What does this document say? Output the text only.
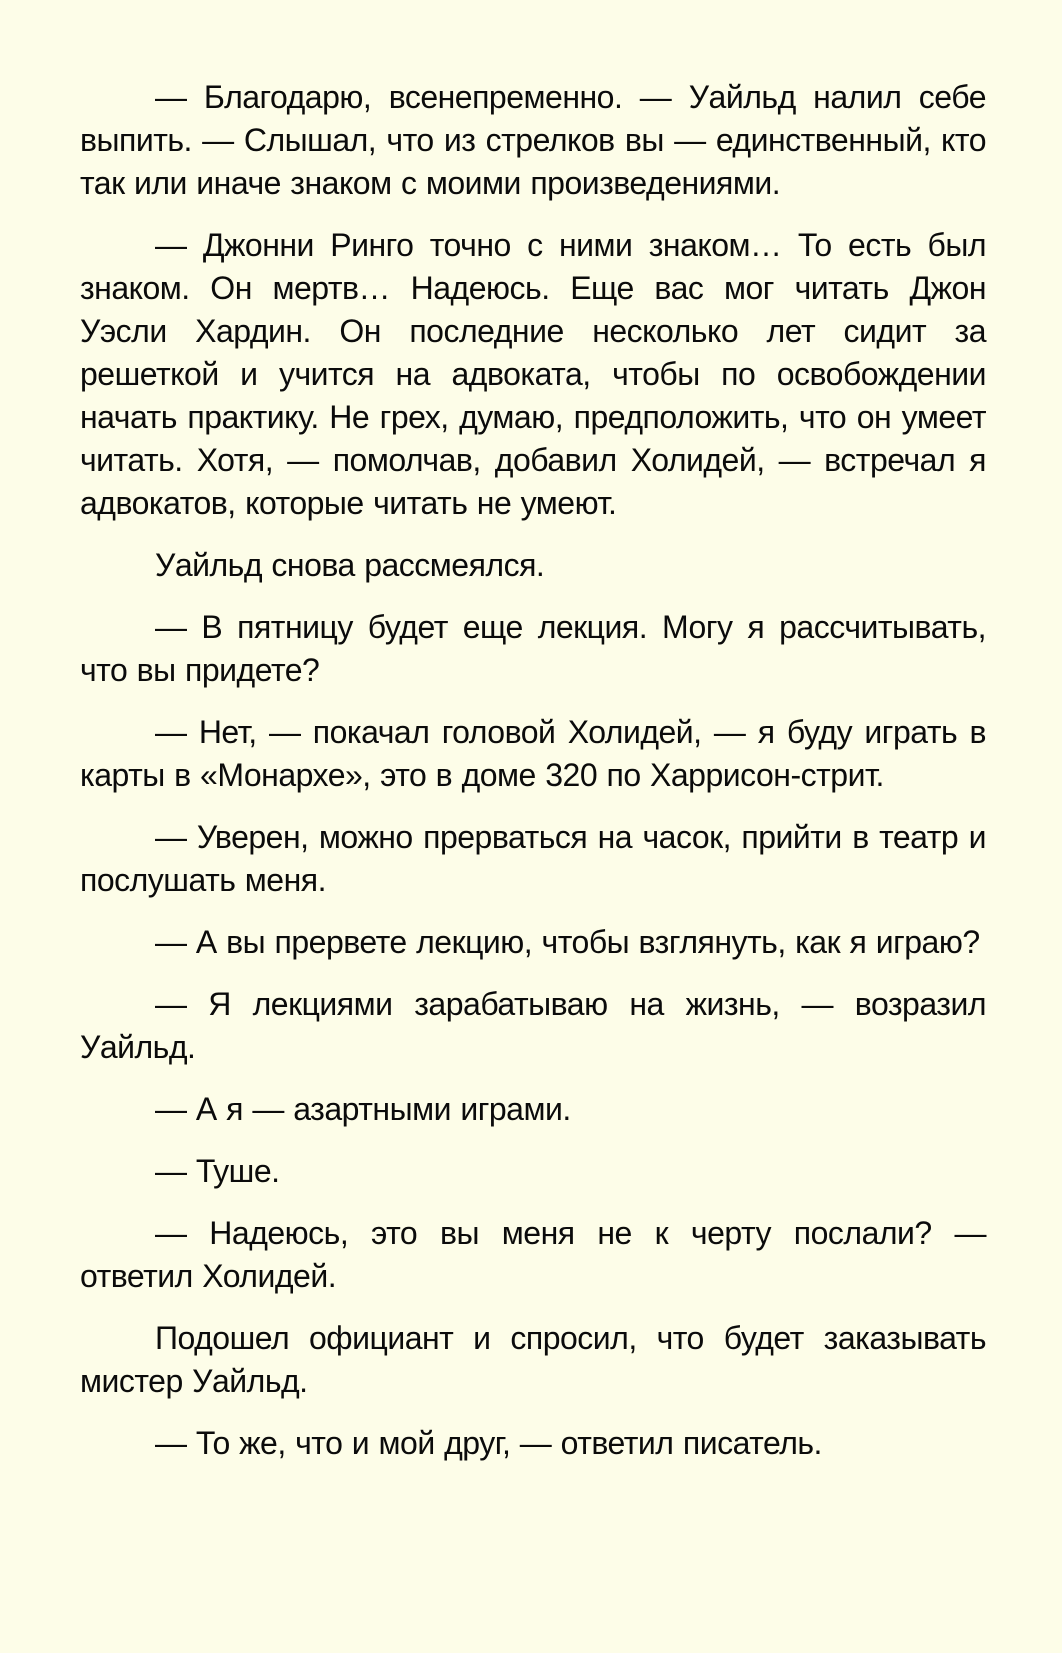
— Благодарю, всенепременно. — Уайльд налил себе выпить. — Слышал, что из стрелков вы — единственный, кто так или иначе знаком с моими произведениями.

— Джонни Ринго точно с ними знаком… То есть был знаком. Он мертв… Надеюсь. Еще вас мог читать Джон Уэсли Хардин. Он последние несколько лет сидит за решеткой и учится на адвоката, чтобы по освобождении начать практику. Не грех, думаю, предположить, что он умеет читать. Хотя, — помолчав, добавил Холидей, — встречал я адвокатов, которые читать не умеют.

Уайльд снова рассмеялся.

— В пятницу будет еще лекция. Могу я рассчитывать, что вы придете?

— Нет, — покачал головой Холидей, — я буду играть в карты в «Монархе», это в доме 320 по Харрисон-стрит.

— Уверен, можно прерваться на часок, прийти в театр и послушать меня.

— А вы прервете лекцию, чтобы взглянуть, как я играю?

— Я лекциями зарабатываю на жизнь, — возразил Уайльд.

— А я — азартными играми.

— Туше.

— Надеюсь, это вы меня не к черту послали? — ответил Холидей.

Подошел официант и спросил, что будет заказывать мистер Уайльд.

— То же, что и мой друг, — ответил писатель.
